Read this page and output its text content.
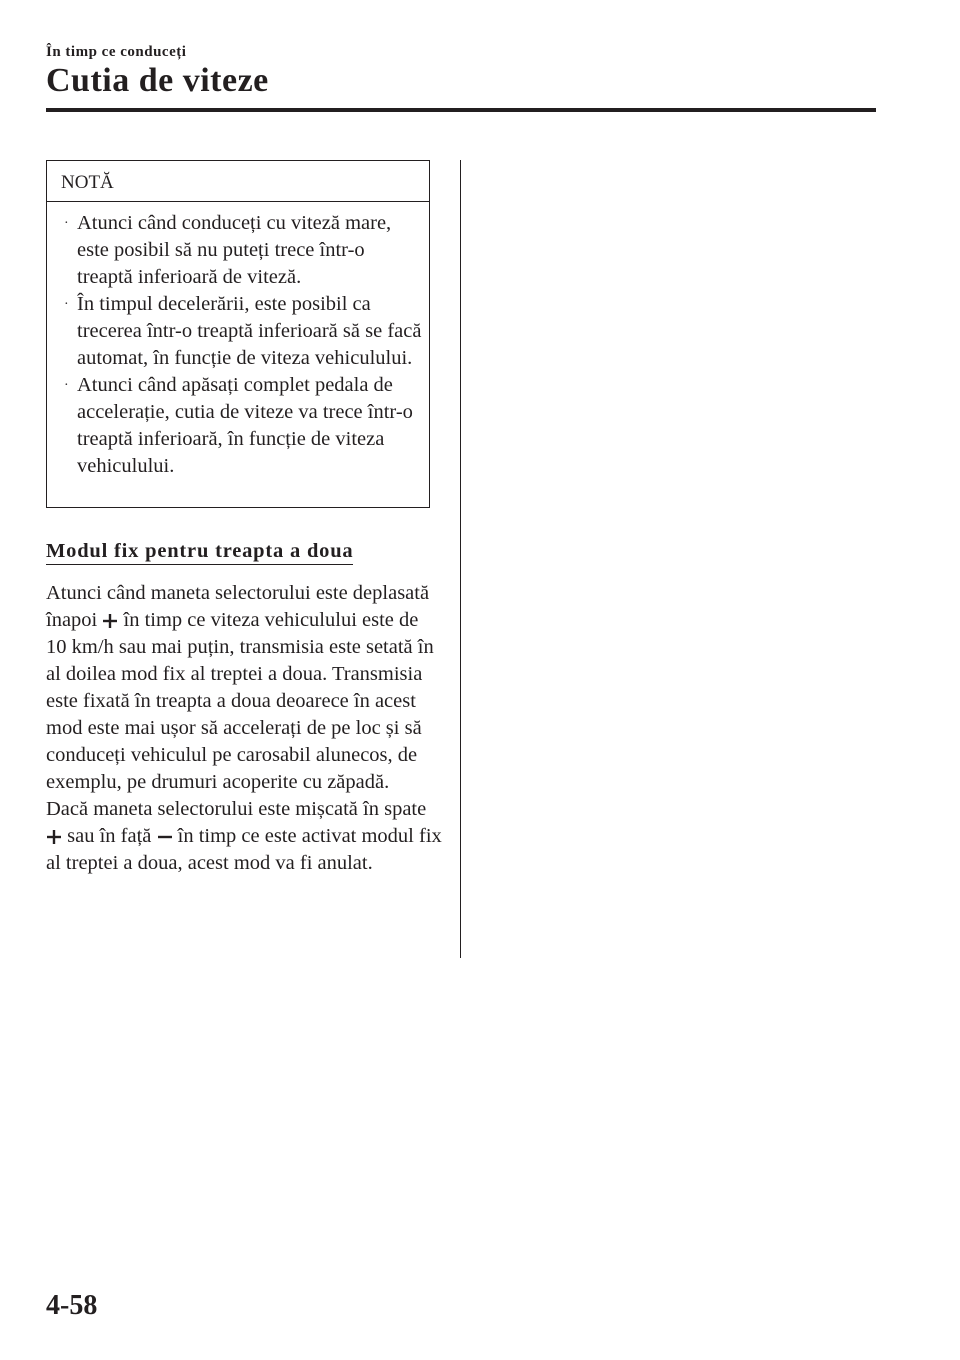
În timp ce conduceți
Cutia de viteze
NOTĂ
· Atunci când conduceți cu viteză mare, este posibil să nu puteți trece într-o treaptă inferioară de viteză.
· În timpul decelerării, este posibil ca trecerea într-o treaptă inferioară să se facă automat, în funcție de viteza vehiculului.
· Atunci când apăsați complet pedala de accelerație, cutia de viteze va trece într-o treaptă inferioară, în funcție de viteza vehiculului.
Modul fix pentru treapta a doua

Atunci când maneta selectorului este deplasată înapoi în timp ce viteza vehiculului este de 10 km/h sau mai puțin, transmisia este setată în al doilea mod fix al treptei a doua. Transmisia este fixată în treapta a doua deoarece în acest mod este mai ușor să accelerați de pe loc și să conduceți vehiculul pe carosabil alunecos, de exemplu, pe drumuri acoperite cu zăpadă.

Dacă maneta selectorului este mișcată în spate  sau în față în timp ce este activat modul fix al treptei a doua, acest mod va fi anulat.

4-58
